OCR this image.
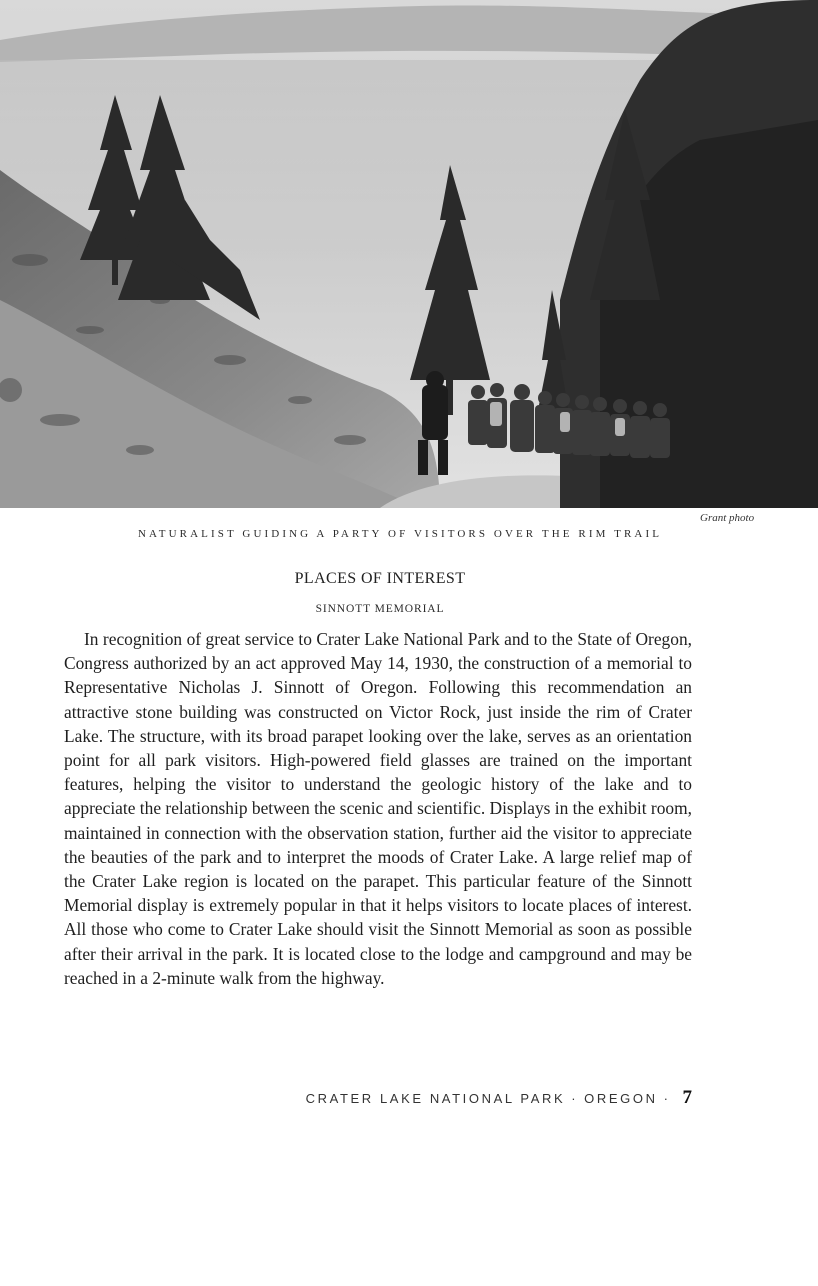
Grant photo
NATURALIST GUIDING A PARTY OF VISITORS OVER THE RIM TRAIL
PLACES OF INTEREST
SINNOTT MEMORIAL

In recognition of great service to Crater Lake National Park and to the State of Oregon, Congress authorized by an act approved May 14, 1930, the construction of a memorial to Representative Nicholas J. Sinnott of Oregon. Following this recommendation an attractive stone building was constructed on Victor Rock, just inside the rim of Crater Lake. The structure, with its broad parapet looking over the lake, serves as an orientation point for all park visitors. High-powered field glasses are trained on the important features, helping the visitor to understand the geologic history of the lake and to appreciate the relationship between the scenic and scientific. Displays in the exhibit room, maintained in connection with the observation station, further aid the visitor to appreciate the beauties of the park and to interpret the moods of Crater Lake. A large relief map of the Crater Lake region is located on the parapet. This particular feature of the Sinnott Memorial display is extremely popular in that it helps visitors to locate places of interest. All those who come to Crater Lake should visit the Sinnott Memorial as soon as possible after their arrival in the park. It is located close to the lodge and campground and may be reached in a 2-minute walk from the highway.

CRATER LAKE NATIONAL PARK · OREGON · 7
